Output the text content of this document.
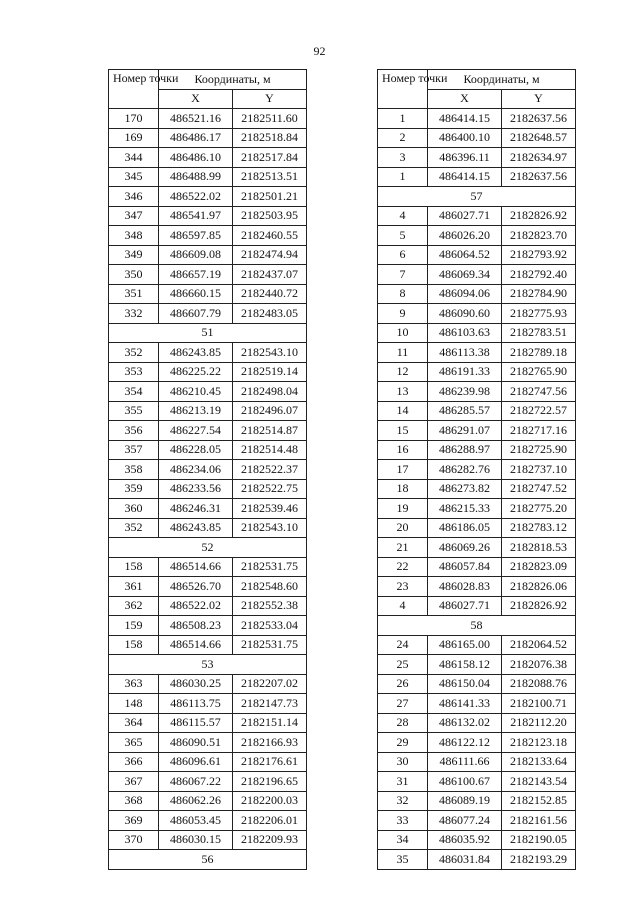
92
Номер точки	Координаты, м	
	X	Y
170	486521.16	2182511.60
169	486486.17	2182518.84
344	486486.10	2182517.84
345	486488.99	2182513.51
346	486522.02	2182501.21
347	486541.97	2182503.95
348	486597.85	2182460.55
349	486609.08	2182474.94
350	486657.19	2182437.07
351	486660.15	2182440.72
332	486607.79	2182483.05
51		
352	486243.85	2182543.10
353	486225.22	2182519.14
354	486210.45	2182498.04
355	486213.19	2182496.07
356	486227.54	2182514.87
357	486228.05	2182514.48
358	486234.06	2182522.37
359	486233.56	2182522.75
360	486246.31	2182539.46
352	486243.85	2182543.10
52		
158	486514.66	2182531.75
361	486526.70	2182548.60
362	486522.02	2182552.38
159	486508.23	2182533.04
158	486514.66	2182531.75
53		
363	486030.25	2182207.02
148	486113.75	2182147.73
364	486115.57	2182151.14
365	486090.51	2182166.93
366	486096.61	2182176.61
367	486067.22	2182196.65
368	486062.26	2182200.03
369	486053.45	2182206.01
370	486030.15	2182209.93
56		
Номер точки	Координаты, м	
	X	Y
1	486414.15	2182637.56
2	486400.10	2182648.57
3	486396.11	2182634.97
1	486414.15	2182637.56
57		
4	486027.71	2182826.92
5	486026.20	2182823.70
6	486064.52	2182793.92
7	486069.34	2182792.40
8	486094.06	2182784.90
9	486090.60	2182775.93
10	486103.63	2182783.51
11	486113.38	2182789.18
12	486191.33	2182765.90
13	486239.98	2182747.56
14	486285.57	2182722.57
15	486291.07	2182717.16
16	486288.97	2182725.90
17	486282.76	2182737.10
18	486273.82	2182747.52
19	486215.33	2182775.20
20	486186.05	2182783.12
21	486069.26	2182818.53
22	486057.84	2182823.09
23	486028.83	2182826.06
4	486027.71	2182826.92
58		
24	486165.00	2182064.52
25	486158.12	2182076.38
26	486150.04	2182088.76
27	486141.33	2182100.71
28	486132.02	2182112.20
29	486122.12	2182123.18
30	486111.66	2182133.64
31	486100.67	2182143.54
32	486089.19	2182152.85
33	486077.24	2182161.56
34	486035.92	2182190.05
35	486031.84	2182193.29
